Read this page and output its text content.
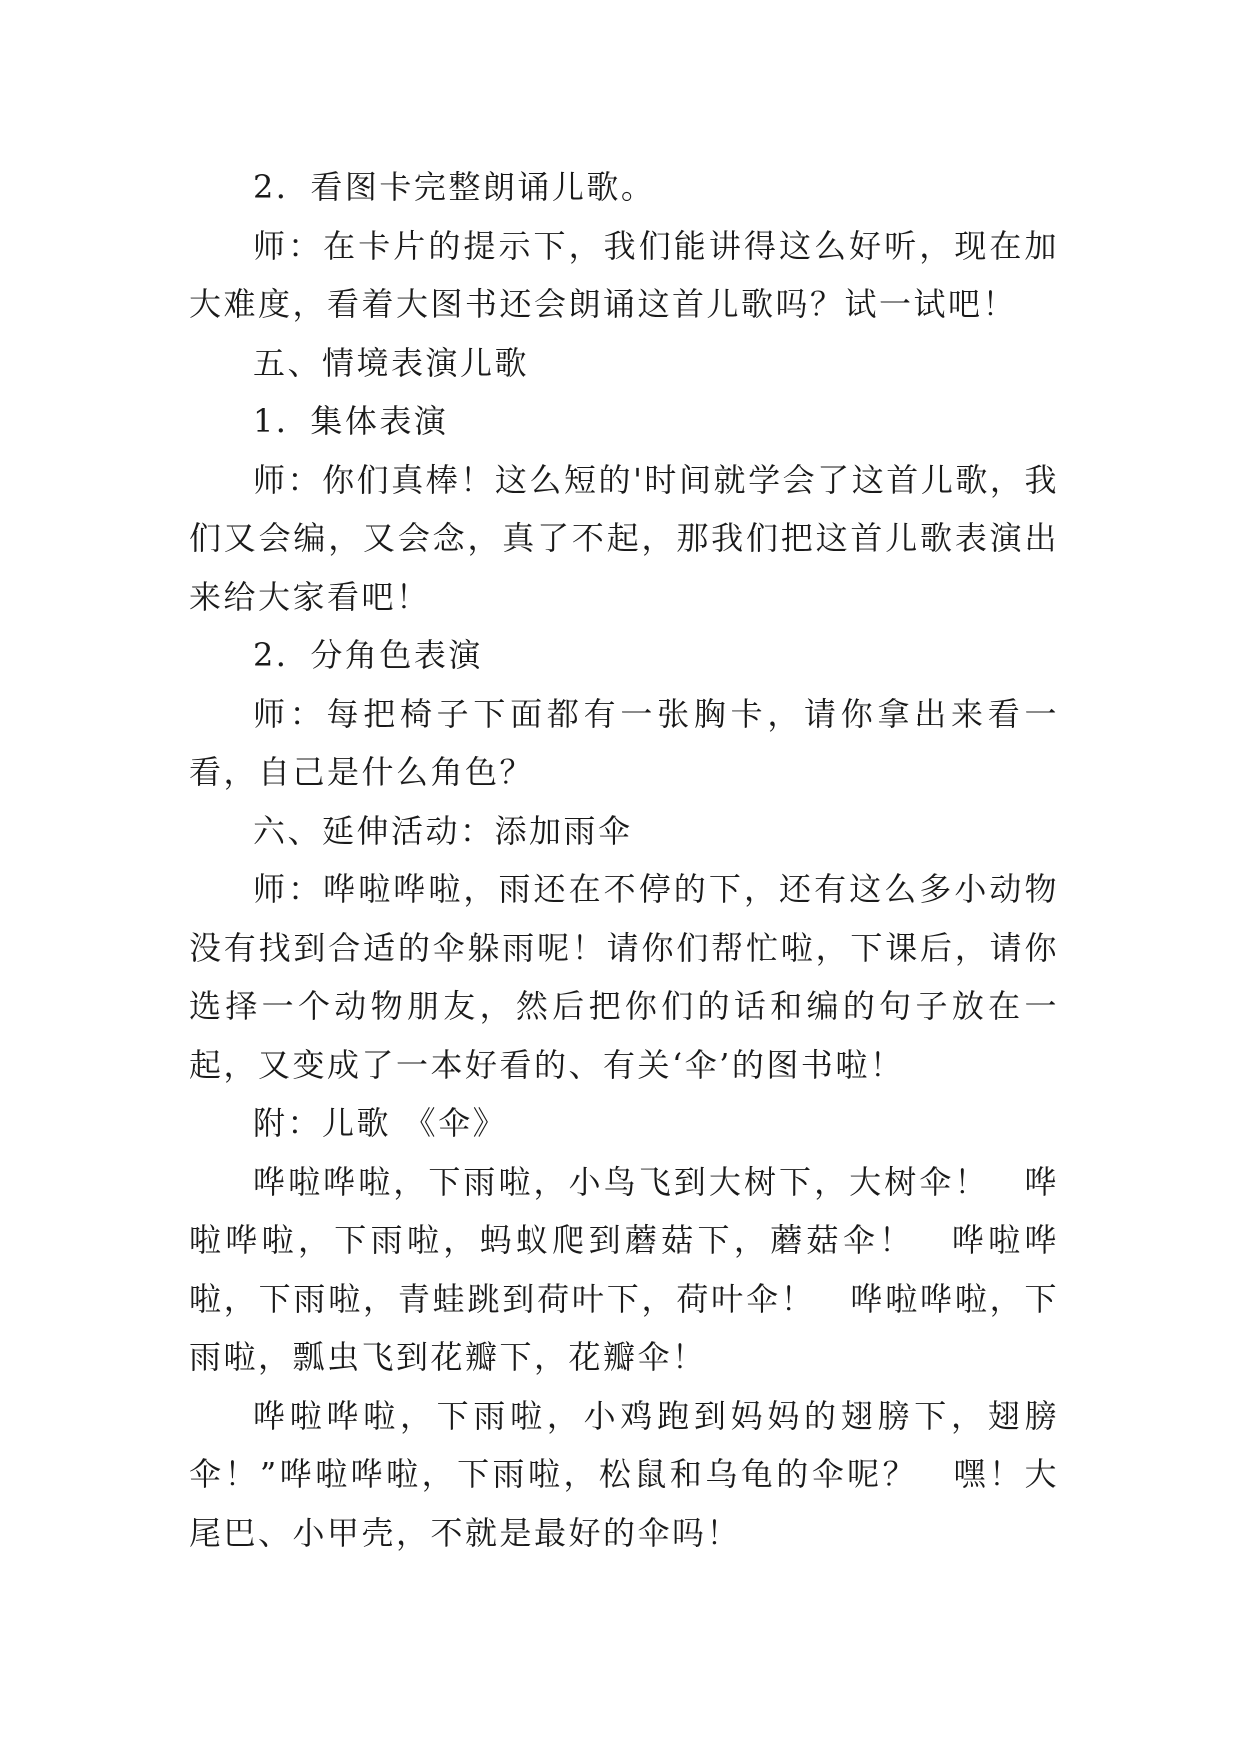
2．看图卡完整朗诵儿歌。

师：在卡片的提示下，我们能讲得这么好听，现在加大难度，看着大图书还会朗诵这首儿歌吗？试一试吧！

五、情境表演儿歌

1．集体表演

师：你们真棒！这么短的'时间就学会了这首儿歌，我们又会编，又会念，真了不起，那我们把这首儿歌表演出来给大家看吧！

2．分角色表演

师：每把椅子下面都有一张胸卡，请你拿出来看一看，自己是什么角色？

六、延伸活动：添加雨伞

师：哗啦哗啦，雨还在不停的下，还有这么多小动物没有找到合适的伞躲雨呢！请你们帮忙啦，下课后，请你选择一个动物朋友，然后把你们的话和编的句子放在一起，又变成了一本好看的、有关‘伞’的图书啦！

附：儿歌 《伞》

哗啦哗啦，下雨啦，小鸟飞到大树下，大树伞！　哗啦哗啦，下雨啦，蚂蚁爬到蘑菇下，蘑菇伞！　哗啦哗啦，下雨啦，青蛙跳到荷叶下，荷叶伞！　哗啦哗啦，下雨啦，瓢虫飞到花瓣下，花瓣伞！

哗啦哗啦，下雨啦，小鸡跑到妈妈的翅膀下，翅膀伞！”哗啦哗啦，下雨啦，松鼠和乌龟的伞呢？　嘿！大尾巴、小甲壳，不就是最好的伞吗！
